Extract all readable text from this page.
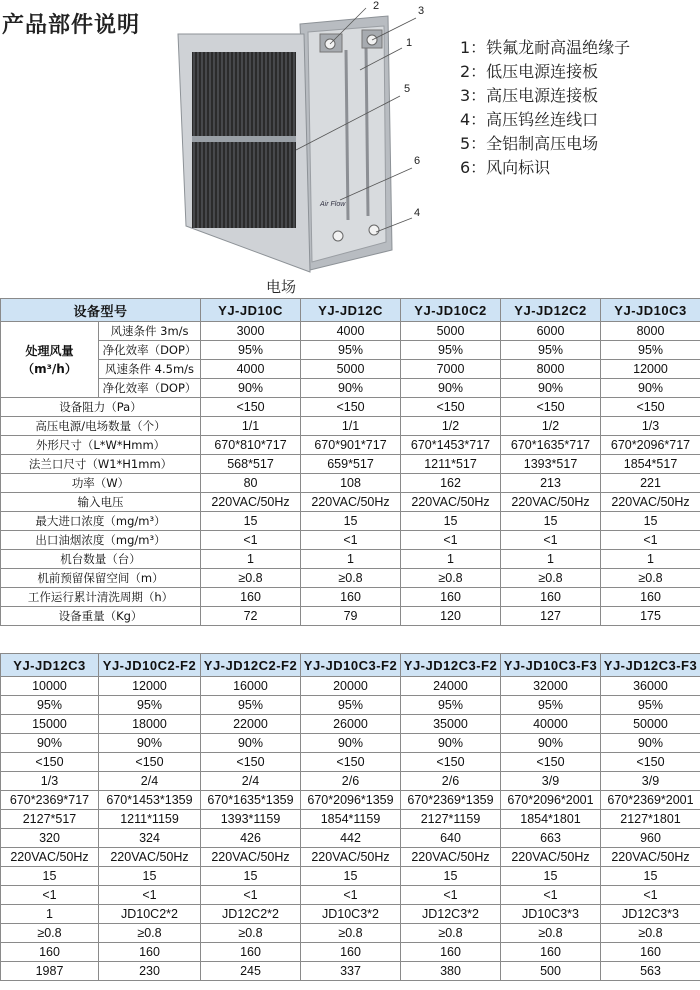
产品部件说明
Air Flow
2	3
1
5
6
4
电场
1：铁氟龙耐高温绝缘子
2：低压电源连接板
3：高压电源连接板
4：高压钨丝连线口
5：全铝制高压电场
6：风向标识
设备型号		YJ-JD10C	YJ-JD12C	YJ-JD10C2	YJ-JD12C2	YJ-JD10C3

处理风量
（m³/h）	风速条件 3m/s	3000	4000	5000	6000	8000
	净化效率（DOP）	95%	95%	95%	95%	95%
	风速条件 4.5m/s	4000	5000	7000	8000	12000
	净化效率（DOP）	90%	90%	90%	90%	90%
设备阻力（Pa）		<150	<150	<150	<150	<150
高压电源/电场数量（个）		1/1	1/1	1/2	1/2	1/3
外形尺寸（L*W*Hmm）		670*810*717	670*901*717	670*1453*717	670*1635*717	670*2096*717
法兰口尺寸（W1*H1mm）		568*517	659*517	1211*517	1393*517	1854*517
功率（W）		80	108	162	213	221
输入电压		220VAC/50Hz	220VAC/50Hz	220VAC/50Hz	220VAC/50Hz	220VAC/50Hz
最大进口浓度（mg/m³）		15	15	15	15	15
出口油烟浓度（mg/m³）		<1	<1	<1	<1	<1
机台数量（台）		1	1	1	1	1
机前预留保留空间（m）		≥0.8	≥0.8	≥0.8	≥0.8	≥0.8
工作运行累计清洗周期（h）		160	160	160	160	160
设备重量（Kg）		72	79	120	127	175
YJ-JD12C3	YJ-JD10C2-F2	YJ-JD12C2-F2	YJ-JD10C3-F2	YJ-JD12C3-F2	YJ-JD10C3-F3	YJ-JD12C3-F3
10000	12000	16000	20000	24000	32000	36000
95%	95%	95%	95%	95%	95%	95%
15000	18000	22000	26000	35000	40000	50000
90%	90%	90%	90%	90%	90%	90%
<150	<150	<150	<150	<150	<150	<150
1/3	2/4	2/4	2/6	2/6	3/9	3/9
670*2369*717	670*1453*1359	670*1635*1359	670*2096*1359	670*2369*1359	670*2096*2001	670*2369*2001
2127*517	1211*1159	1393*1159	1854*1159	2127*1159	1854*1801	2127*1801
320	324	426	442	640	663	960
220VAC/50Hz	220VAC/50Hz	220VAC/50Hz	220VAC/50Hz	220VAC/50Hz	220VAC/50Hz	220VAC/50Hz
15	15	15	15	15	15	15
<1	<1	<1	<1	<1	<1	<1
1	JD10C2*2	JD12C2*2	JD10C3*2	JD12C3*2	JD10C3*3	JD12C3*3
≥0.8	≥0.8	≥0.8	≥0.8	≥0.8	≥0.8	≥0.8
160	160	160	160	160	160	160
1987	230	245	337	380	500	563
